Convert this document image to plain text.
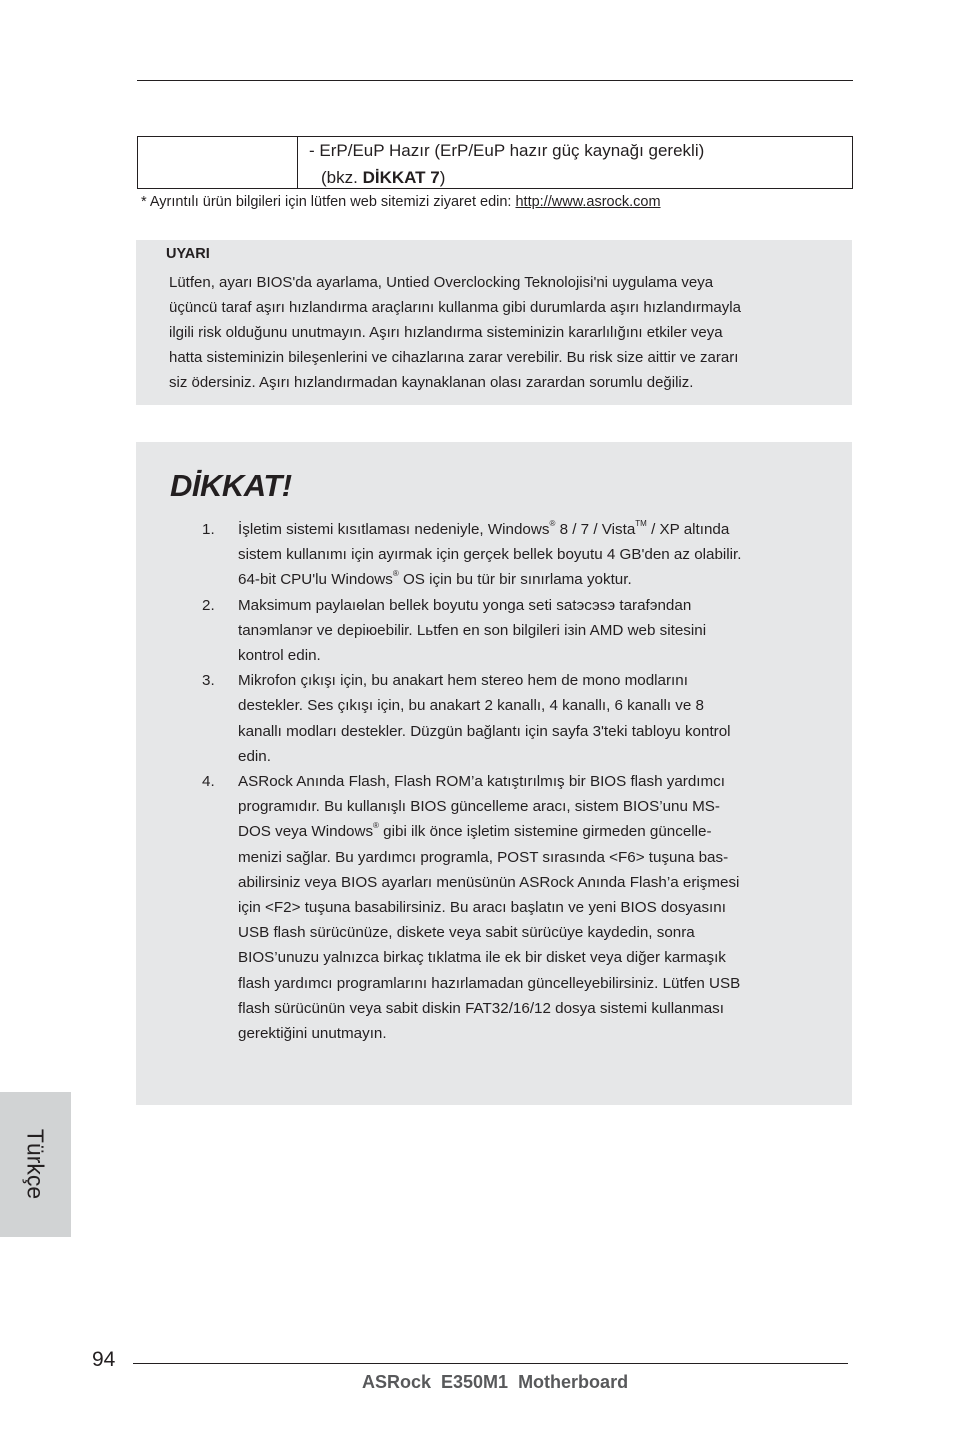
- ErP/EuP Hazır (ErP/EuP hazır güç kaynağı gerekli)
(bkz. DİKKAT 7)
* Ayrıntılı ürün bilgileri için lütfen web sitemizi ziyaret edin: http://www.asrock.com
UYARI
Lütfen, ayarı BIOS'da ayarlama, Untied Overclocking Teknolojisi'ni uygulama veya
üçüncü taraf aşırı hızlandırma araçlarını kullanma gibi durumlarda aşırı hızlandırmayla
ilgili risk olduğunu unutmayın. Aşırı hızlandırma sisteminizin kararlılığını etkiler veya
hatta sisteminizin bileşenlerini ve cihazlarına zarar verebilir. Bu risk size aittir ve zararı
siz ödersiniz. Aşırı hızlandırmadan kaynaklanan olası zarardan sorumlu değiliz.
DİKKAT!
1. İşletim sistemi kısıtlaması nedeniyle, Windows® 8 / 7 / Vista™ / XP altında
sistem kullanımı için ayırmak için gerçek bellek boyutu 4 GB'den az olabilir.
64-bit CPU'lu Windows® OS için bu tür bir sınırlama yoktur.
2. Maksimum paylaıѳlan bellek boyutu yonga seti satэсэѕэ tarafэndan
tanэmlanэr ve depiюebilir. Lьtfen en son bilgileri iзin AMD web sitesini
kontrol edin.
3. Mikrofon çıkışı için, bu anakart hem stereo hem de mono modlarını
destekler. Ses çıkışı için, bu anakart 2 kanallı, 4 kanallı, 6 kanallı ve 8
kanallı modları destekler. Düzgün bağlantı için sayfa 3'teki tabloyu kontrol
edin.
4. ASRock Anında Flash, Flash ROM’a katıştırılmış bir BIOS flash yardımcı
programıdır. Bu kullanışlı BIOS güncelleme aracı, sistem BIOS’unu MS-
DOS veya Windows® gibi ilk önce işletim sistemine girmeden güncelle-
menizi sağlar. Bu yardımcı programla, POST sırasında <F6> tuşuna bas-
abilirsiniz veya BIOS ayarları menüsünün ASRock Anında Flash’a erişmesi
için <F2> tuşuna basabilirsiniz. Bu aracı başlatın ve yeni BIOS dosyasını
USB flash sürücünüze, diskete veya sabit sürücüye kaydedin, sonra
BIOS’unuzu yalnızca birkaç tıklatma ile ek bir disket veya diğer karmaşık
flash yardımcı programlarını hazırlamadan güncelleyebilirsiniz. Lütfen USB
flash sürücünün veya sabit diskin FAT32/16/12 dosya sistemi kullanması
gerektiğini unutmayın.
Türkçe
94
ASRock  E350M1  Motherboard
